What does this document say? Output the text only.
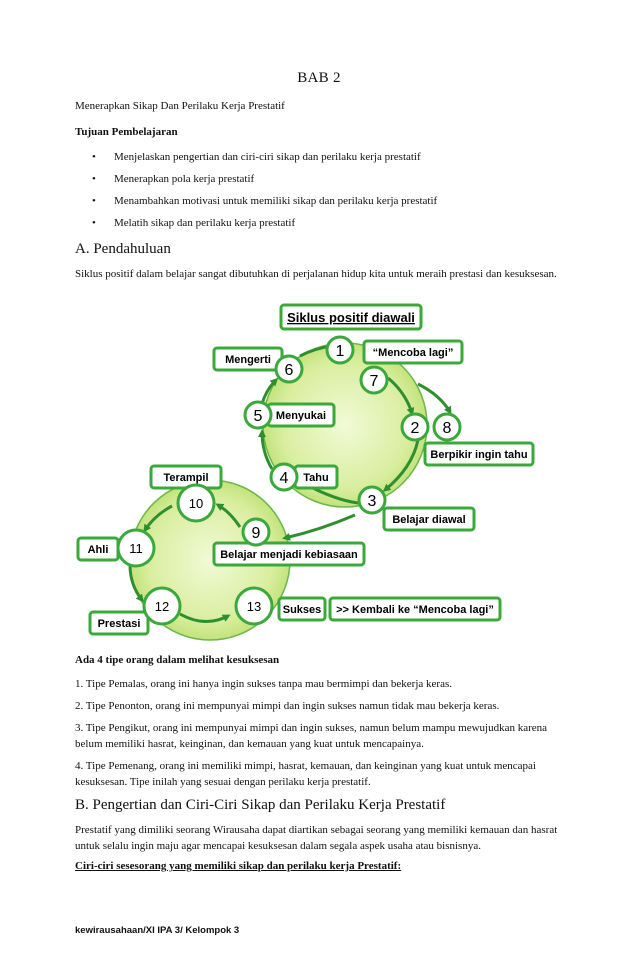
BAB 2
Menerapkan Sikap Dan Perilaku Kerja Prestatif
Tujuan Pembelajaran
• Menjelaskan pengertian dan ciri-ciri sikap dan perilaku kerja prestatif
• Menerapkan pola kerja prestatif
• Menambahkan motivasi untuk memiliki sikap dan perilaku kerja prestatif
• Melatih sikap dan perilaku kerja prestatif
A. Pendahuluan
Siklus positif dalam belajar sangat dibutuhkan di perjalanan hidup kita untuk meraih prestasi dan kesuksesan.
Siklus positif diawali
“Mencoba lagi”
Mengerti
Menyukai
Berpikir ingin tahu
Tahu
Belajar diawal
Terampil
Belajar menjadi kebiasaan
Ahli
Prestasi
Sukses >> Kembali ke “Mencoba lagi”
1
6
7
5
2 8
4
3
10
9
11
12	13
Ada 4 tipe orang dalam melihat kesuksesan
1. Tipe Pemalas, orang ini hanya ingin sukses tanpa mau bermimpi dan bekerja keras.
2. Tipe Penonton, orang ini mempunyai mimpi dan ingin sukses namun tidak mau bekerja keras.
3. Tipe Pengikut, orang ini mempunyai mimpi dan ingin sukses, namun belum mampu mewujudkan karena belum memiliki hasrat, keinginan, dan kemauan yang kuat untuk mencapainya.
4. Tipe Pemenang, orang ini memiliki mimpi, hasrat, kemauan, dan keinginan yang kuat untuk mencapai kesuksesan. Tipe inilah yang sesuai dengan perilaku kerja prestatif.
B. Pengertian dan Ciri-Ciri Sikap dan Perilaku Kerja Prestatif
Prestatif yang dimiliki seorang Wirausaha dapat diartikan sebagai seorang yang memiliki kemauan dan hasrat untuk selalu ingin maju agar mencapai kesuksesan dalam segala aspek usaha atau bisnisnya.
Ciri-ciri sesesorang yang memiliki sikap dan perilaku kerja Prestatif:
kewirausahaan/XI IPA 3/ Kelompok 3
